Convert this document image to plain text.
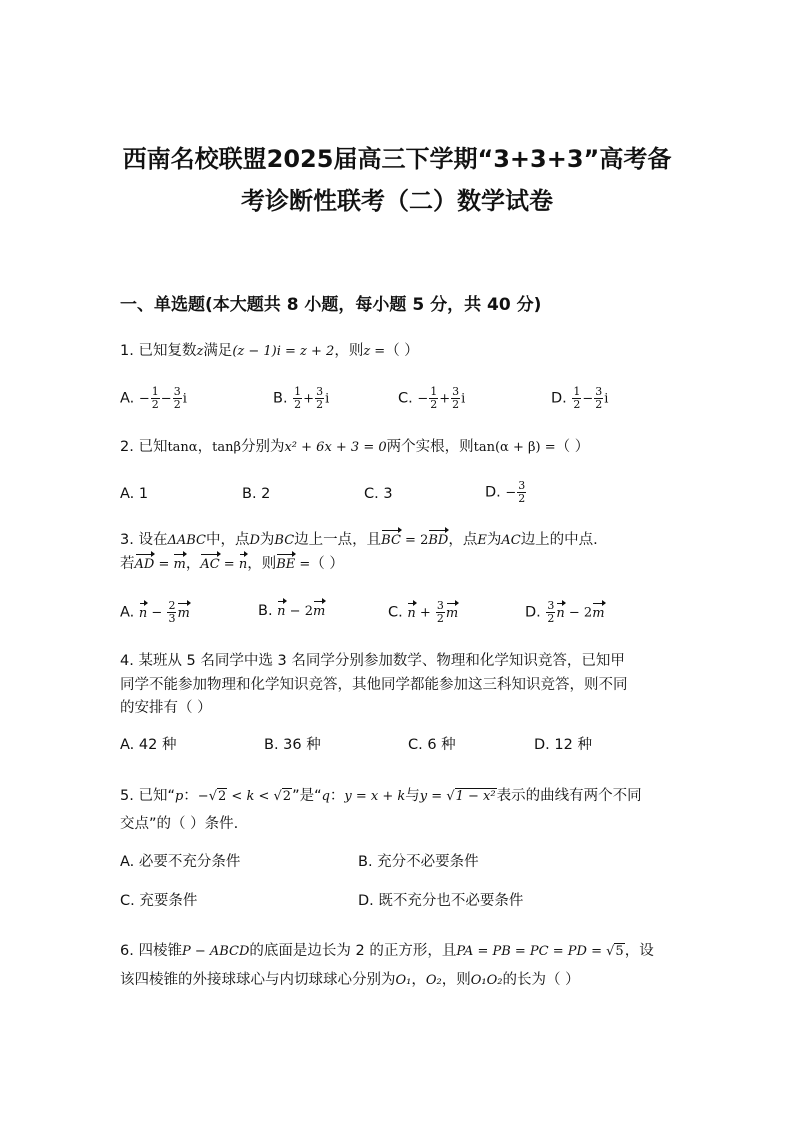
西南名校联盟2025届高三下学期“3+3+3”高考备
考诊断性联考（二）数学试卷
一、单选题(本大题共 8 小题，每小题 5 分，共 40 分)
1. 已知复数z满足(z − 1)i = z + 2，则z =（ ）
A. − $\frac{1}{2} - \frac{3}{2}$ i	B. $\frac{1}{2} + \frac{3}{2}$ i	C. − $\frac{1}{2} + \frac{3}{2}$ i	D. $\frac{1}{2} - \frac{3}{2}$ i
2. 已知tanα，tanβ分别为x² + 6x + 3 = 0两个实根，则tan(α + β) =（ ）
A. 1	B. 2	C. 3	D. − $\frac{3}{2}$
3. 设在ΔABC中，点D为BC边上一点，且BC = 2BD，点E为AC边上的中点.
若AD = m，AC = n，则BE =（ ）
A. $n - \frac{2}{3}$ m	B. n − 2m	C. $n + \frac{3}{2}$ m	D. $\frac{3}{2}$ n − 2m
4. 某班从 5 名同学中选 3 名同学分别参加数学、物理和化学知识竞答，已知甲
同学不能参加物理和化学知识竞答，其他同学都能参加这三科知识竞答，则不同
的安排有（ ）
A. 42 种	B. 36 种	C. 6 种	D. 12 种
5. 已知“p：−√2 < k < √2”是“q：y = x + k与y = √1 − x²表示的曲线有两个不同
交点”的（ ）条件.
A. 必要不充分条件	B. 充分不必要条件
C. 充要条件	D. 既不充分也不必要条件
6. 四棱锥P − ABCD的底面是边长为 2 的正方形，且PA = PB = PC = PD = √5，设
该四棱锥的外接球球心与内切球球心分别为O₁，O₂，则O₁O₂的长为（ ）
